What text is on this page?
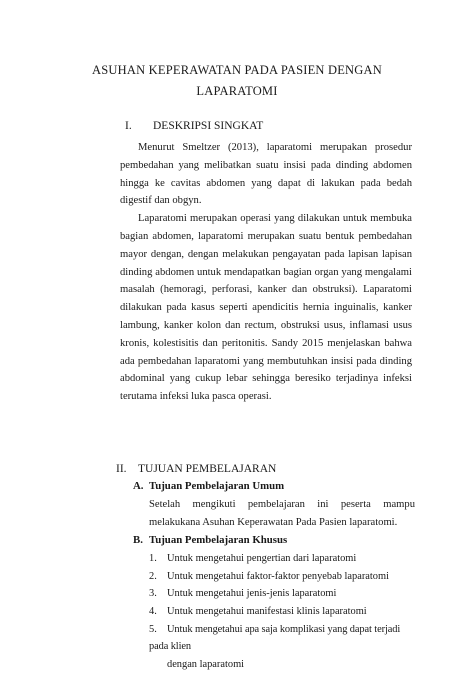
ASUHAN KEPERAWATAN PADA PASIEN DENGAN
LAPARATOMI
I. DESKRIPSI SINGKAT

Menurut Smeltzer (2013), laparatomi merupakan prosedur pembedahan yang melibatkan suatu insisi pada dinding abdomen hingga ke cavitas abdomen yang dapat di lakukan pada bedah digestif dan obgyn.

Laparatomi merupakan operasi yang dilakukan untuk membuka bagian abdomen, laparatomi merupakan suatu bentuk pembedahan mayor dengan, dengan melakukan pengayatan pada lapisan lapisan dinding abdomen untuk mendapatkan bagian organ yang mengalami masalah (hemoragi, perforasi, kanker dan obstruksi). Laparatomi dilakukan pada kasus seperti apendicitis hernia inguinalis, kanker lambung, kanker kolon dan rectum, obstruksi usus, inflamasi usus kronis, kolestisitis dan peritonitis. Sandy 2015 menjelaskan bahwa ada pembedahan laparatomi yang membutuhkan insisi pada dinding abdominal yang cukup lebar sehingga beresiko terjadinya infeksi terutama infeksi luka pasca operasi.

II. TUJUAN PEMBELAJARAN
A. Tujuan Pembelajaran Umum

Setelah mengikuti pembelajaran ini peserta mampu melakukana Asuhan Keperawatan Pada Pasien laparatomi.

B. Tujuan Pembelajaran Khusus
1. Untuk mengetahui pengertian dari laparatomi
2. Untuk mengetahui faktor-faktor penyebab laparatomi
3. Untuk mengetahui jenis-jenis laparatomi
4. Untuk mengetahui manifestasi klinis laparatomi
5. Untuk mengetahui apa saja komplikasi yang dapat terjadi pada klien
dengan laparatomi
